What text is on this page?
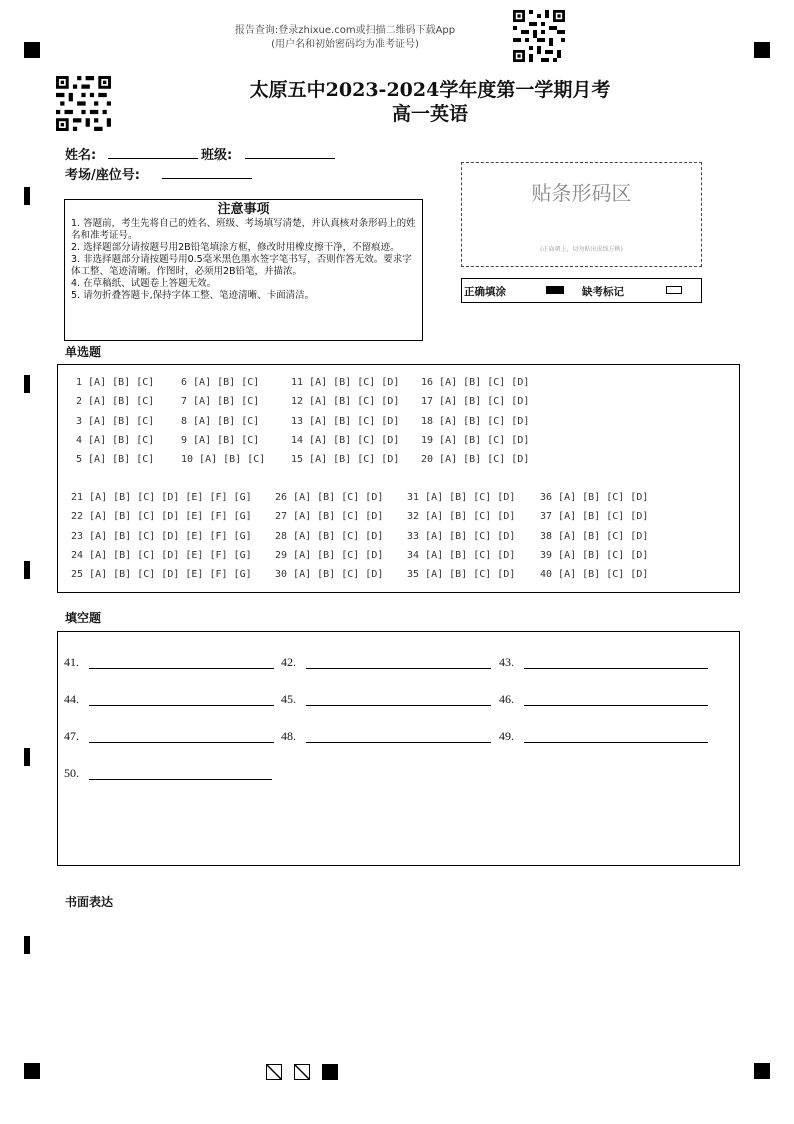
报告查询:登录zhixue.com或扫描二维码下载App
(用户名和初始密码均为准考证号)
太原五中2023-2024学年度第一学期月考
高一英语
姓名:	班级:
考场/座位号:
注意事项
1. 答题前，考生先将自己的姓名、班级、考场填写清楚，并认真核对条形码上的姓名和准考证号。
2. 选择题部分请按题号用2B铅笔填涂方框，修改时用橡皮擦干净，不留痕迹。
3. 非选择题部分请按题号用0.5毫米黑色墨水签字笔书写，否则作答无效。要求字体工整、笔迹清晰。作图时，必须用2B铅笔，并描浓。
4. 在草稿纸、试题卷上答题无效。
5. 请勿折叠答题卡,保持字体工整、笔迹清晰、卡面清洁。
贴条形码区
(正面朝上，切勿贴出虚线方框)
正确填涂	缺考标记
单选题
1 [A] [B] [C]	6 [A] [B] [C]	11 [A] [B] [C] [D] 16 [A] [B] [C] [D]
2 [A] [B] [C]	7 [A] [B] [C]	12 [A] [B] [C] [D] 17 [A] [B] [C] [D]
3 [A] [B] [C]	8 [A] [B] [C]	13 [A] [B] [C] [D] 18 [A] [B] [C] [D]
4 [A] [B] [C]	9 [A] [B] [C]	14 [A] [B] [C] [D] 19 [A] [B] [C] [D]
5 [A] [B] [C]	10 [A] [B] [C]	15 [A] [B] [C] [D] 20 [A] [B] [C] [D]
21 [A] [B] [C] [D] [E] [F] [G] 26 [A] [B] [C] [D] 31 [A] [B] [C] [D] 36 [A] [B] [C] [D]
22 [A] [B] [C] [D] [E] [F] [G] 27 [A] [B] [C] [D] 32 [A] [B] [C] [D] 37 [A] [B] [C] [D]
23 [A] [B] [C] [D] [E] [F] [G] 28 [A] [B] [C] [D] 33 [A] [B] [C] [D] 38 [A] [B] [C] [D]
24 [A] [B] [C] [D] [E] [F] [G] 29 [A] [B] [C] [D] 34 [A] [B] [C] [D] 39 [A] [B] [C] [D]
25 [A] [B] [C] [D] [E] [F] [G] 30 [A] [B] [C] [D] 35 [A] [B] [C] [D] 40 [A] [B] [C] [D]
填空题
41.	42.	43.
44.	45.	46.
47.	48.	49.
50.
书面表达
